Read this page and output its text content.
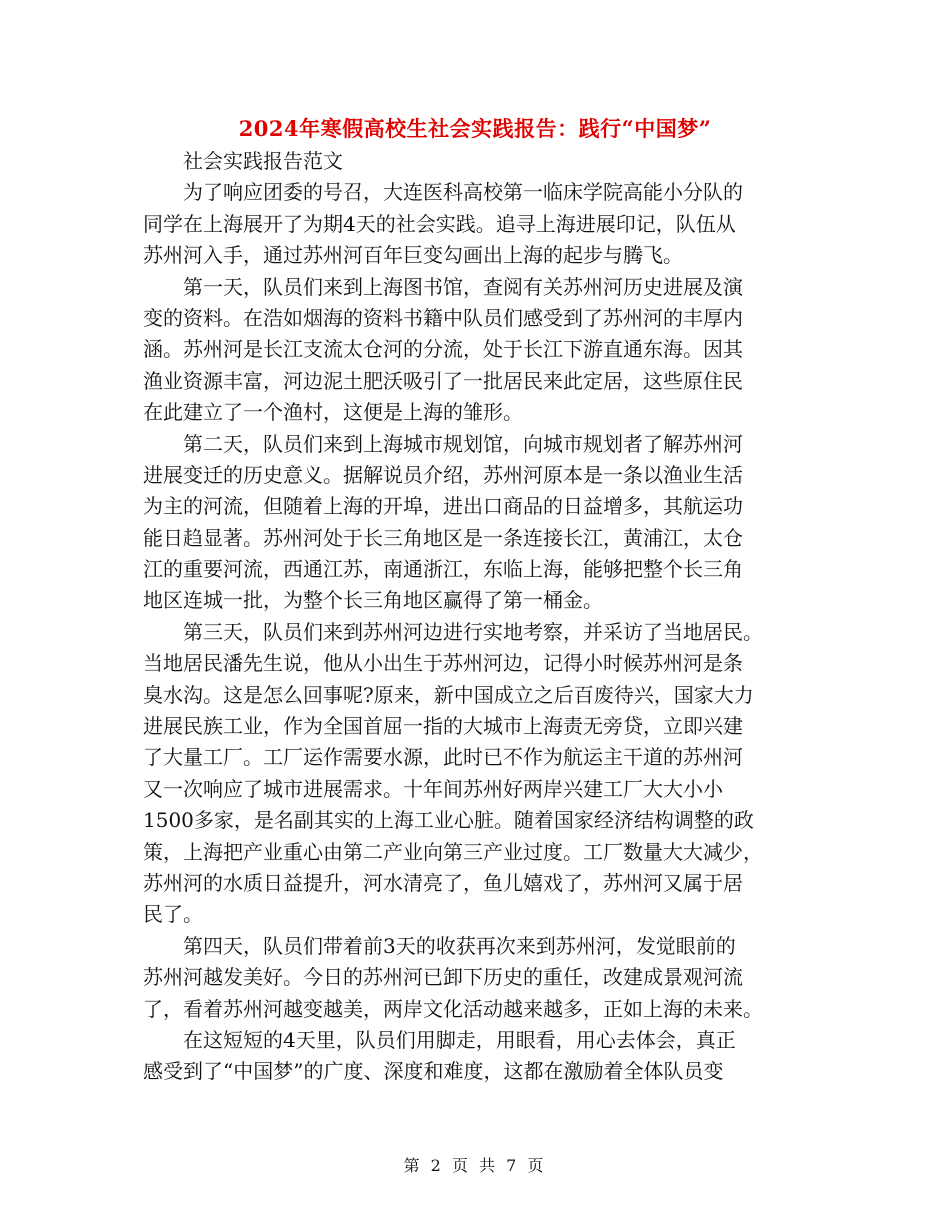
2024年寒假高校生社会实践报告：践行“中国梦”
社会实践报告范文
为了响应团委的号召，大连医科高校第一临床学院高能小分队的
同学在上海展开了为期4天的社会实践。追寻上海进展印记，队伍从
苏州河入手，通过苏州河百年巨变勾画出上海的起步与腾飞。
第一天，队员们来到上海图书馆，查阅有关苏州河历史进展及演
变的资料。在浩如烟海的资料书籍中队员们感受到了苏州河的丰厚内
涵。苏州河是长江支流太仓河的分流，处于长江下游直通东海。因其
渔业资源丰富，河边泥土肥沃吸引了一批居民来此定居，这些原住民
在此建立了一个渔村，这便是上海的雏形。
第二天，队员们来到上海城市规划馆，向城市规划者了解苏州河
进展变迁的历史意义。据解说员介绍，苏州河原本是一条以渔业生活
为主的河流，但随着上海的开埠，进出口商品的日益增多，其航运功
能日趋显著。苏州河处于长三角地区是一条连接长江，黄浦江，太仓
江的重要河流，西通江苏，南通浙江，东临上海，能够把整个长三角
地区连城一批，为整个长三角地区赢得了第一桶金。
第三天，队员们来到苏州河边进行实地考察，并采访了当地居民。
当地居民潘先生说，他从小出生于苏州河边，记得小时候苏州河是条
臭水沟。这是怎么回事呢?原来，新中国成立之后百废待兴，国家大力
进展民族工业，作为全国首屈一指的大城市上海责无旁贷，立即兴建
了大量工厂。工厂运作需要水源，此时已不作为航运主干道的苏州河
又一次响应了城市进展需求。十年间苏州好两岸兴建工厂大大小小
1500多家，是名副其实的上海工业心脏。随着国家经济结构调整的政
策，上海把产业重心由第二产业向第三产业过度。工厂数量大大减少，
苏州河的水质日益提升，河水清亮了，鱼儿嬉戏了，苏州河又属于居
民了。
第四天，队员们带着前3天的收获再次来到苏州河，发觉眼前的
苏州河越发美好。今日的苏州河已卸下历史的重任，改建成景观河流
了，看着苏州河越变越美，两岸文化活动越来越多，正如上海的未来。
在这短短的4天里，队员们用脚走，用眼看，用心去体会，真正
感受到了“中国梦”的广度、深度和难度，这都在激励着全体队员变
第 2 页 共 7 页
